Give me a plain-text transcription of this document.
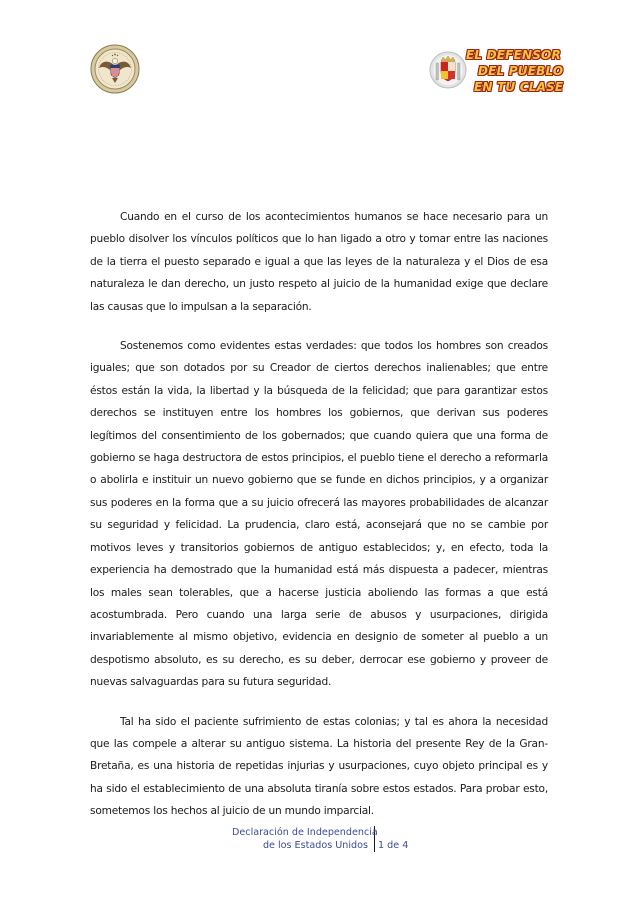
EL DEFENSOR
DEL PUEBLO
EN TU CLASE

Cuando en el curso de los acontecimientos humanos se hace necesario para un pueblo disolver los vínculos políticos que lo han ligado a otro y tomar entre las naciones de la tierra el puesto separado e igual a que las leyes de la naturaleza y el Dios de esa naturaleza le dan derecho, un justo respeto al juicio de la humanidad exige que declare las causas que lo impulsan a la separación.

Sostenemos como evidentes estas verdades: que todos los hombres son creados iguales; que son dotados por su Creador de ciertos derechos inalienables; que entre éstos están la vida, la libertad y la búsqueda de la felicidad; que para garantizar estos derechos se instituyen entre los hombres los gobiernos, que derivan sus poderes legítimos del consentimiento de los gobernados; que cuando quiera que una forma de gobierno se haga destructora de estos principios, el pueblo tiene el derecho a reformarla o abolirla e instituir un nuevo gobierno que se funde en dichos principios, y a organizar sus poderes en la forma que a su juicio ofrecerá las mayores probabilidades de alcanzar su seguridad y felicidad. La prudencia, claro está, aconsejará que no se cambie por motivos leves y transitorios gobiernos de antiguo establecidos; y, en efecto, toda la experiencia ha demostrado que la humanidad está más dispuesta a padecer, mientras los males sean tolerables, que a hacerse justicia aboliendo las formas a que está acostumbrada. Pero cuando una larga serie de abusos y usurpaciones, dirigida invariablemente al mismo objetivo, evidencia en designio de someter al pueblo a un despotismo absoluto, es su derecho, es su deber, derrocar ese gobierno y proveer de nuevas salvaguardas para su futura seguridad.

Tal ha sido el paciente sufrimiento de estas colonias; y tal es ahora la necesidad que las compele a alterar su antiguo sistema. La historia del presente Rey de la Gran-Bretaña, es una historia de repetidas injurias y usurpaciones, cuyo objeto principal es y ha sido el establecimiento de una absoluta tiranía sobre estos estados. Para probar esto, sometemos los hechos al juicio de un mundo imparcial.

Declaración de Independencia
de los Estados Unidos 1 de 4
